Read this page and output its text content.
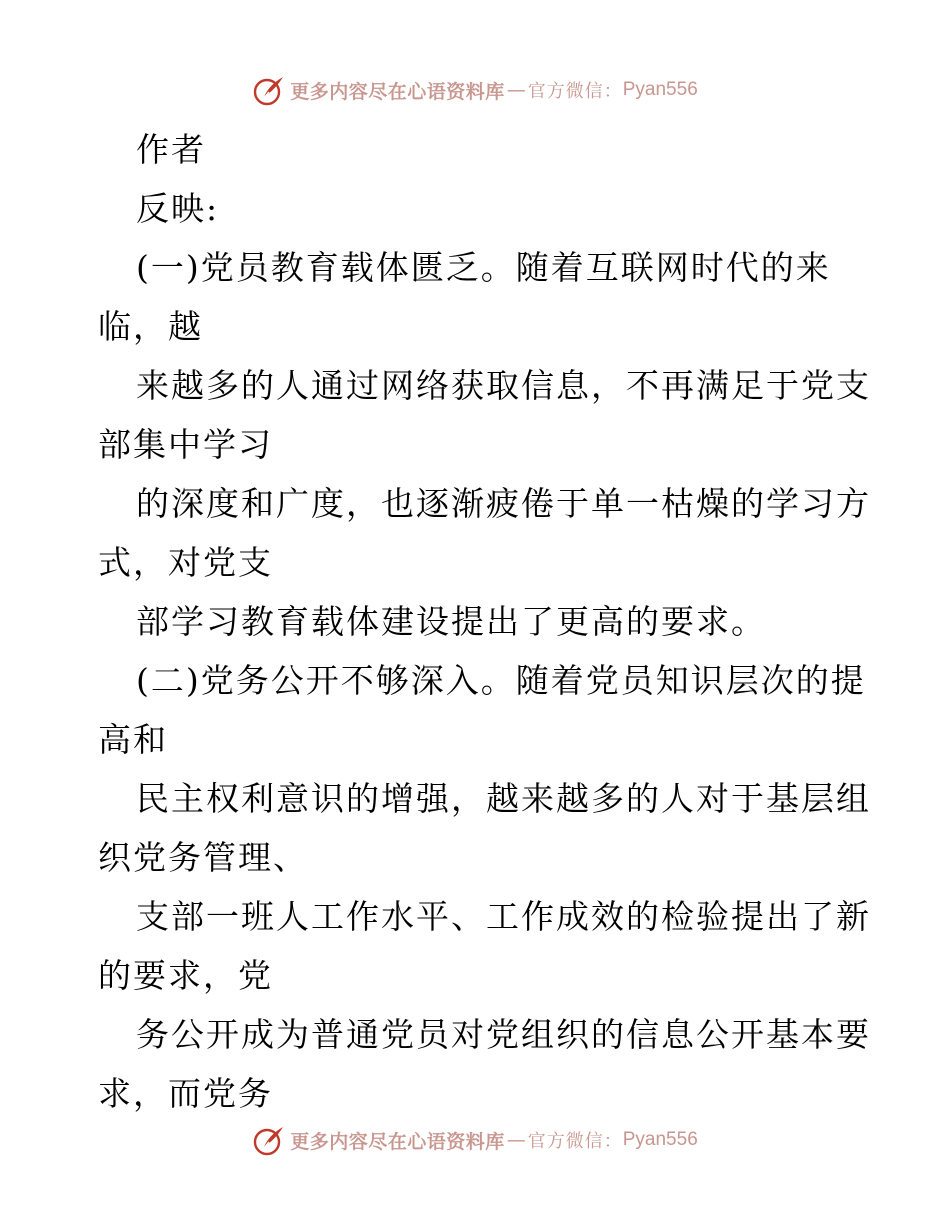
更多内容尽在心语资料库 — 官方微信： Pyan556
作者
反映:
(一)党员教育载体匮乏。随着互联网时代的来
临，越
来越多的人通过网络获取信息，不再满足于党支
部集中学习
的深度和广度，也逐渐疲倦于单一枯燥的学习方
式，对党支
部学习教育载体建设提出了更高的要求。
(二)党务公开不够深入。随着党员知识层次的提
高和
民主权利意识的增强，越来越多的人对于基层组
织党务管理、
支部一班人工作水平、工作成效的检验提出了新
的要求，党
务公开成为普通党员对党组织的信息公开基本要
求，而党务
更多内容尽在心语资料库 — 官方微信： Pyan556
